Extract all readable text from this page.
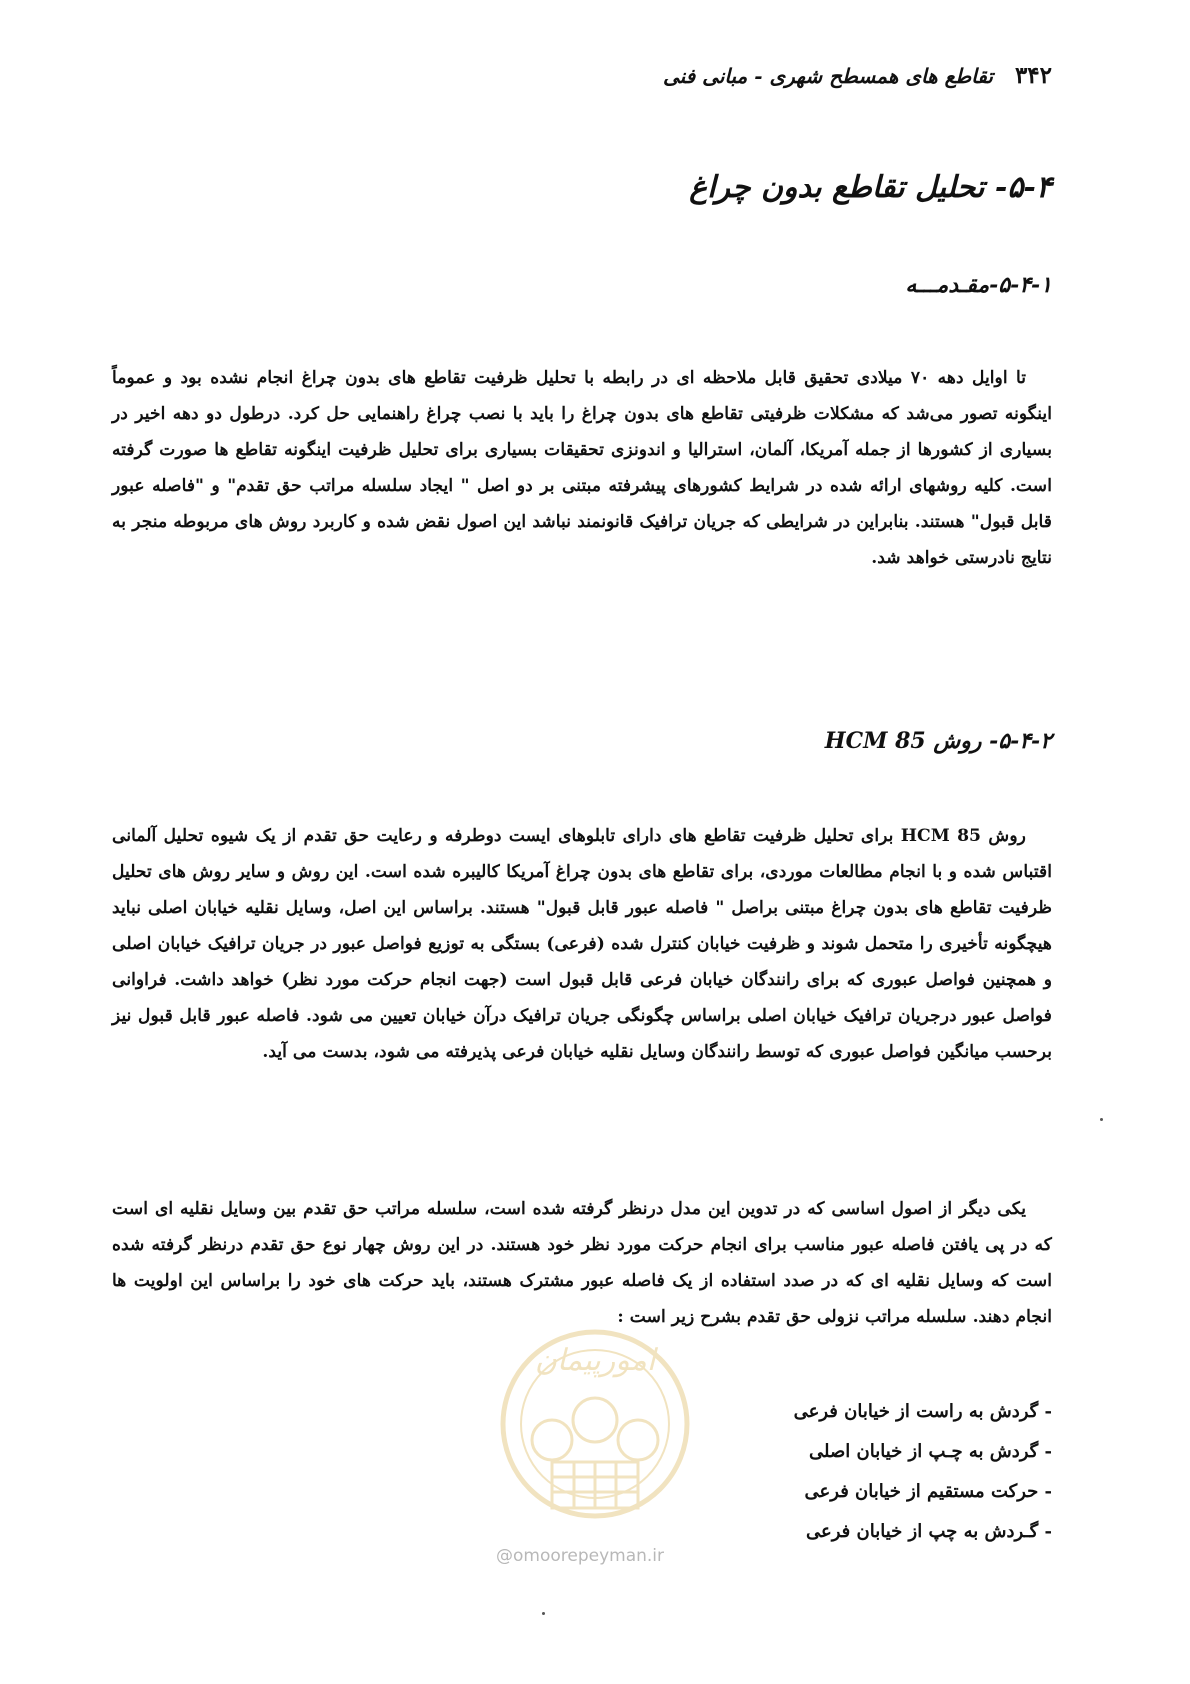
۳۴۲
تقاطع های همسطح شهری - مبانی فنی
۵-۴- تحلیل تقاطع بدون چراغ
۵-۴-۱-مقـدمـــه

تا اوایل دهه ۷۰ میلادی تحقیق قابل ملاحظه ای در رابطه با تحلیل ظرفیت تقاطع های بدون چراغ انجام نشده بود و عموماً اینگونه تصور می‌شد که مشکلات ظرفیتی تقاطع های بدون چراغ را باید با نصب چراغ راهنمایی حل کرد. درطول دو دهه اخیر در بسیاری از کشورها از جمله آمریکا، آلمان، استرالیا و اندونزی تحقیقات بسیاری برای تحلیل ظرفیت اینگونه تقاطع ها صورت گرفته است. کلیه روشهای ارائه شده در شرایط کشورهای پیشرفته مبتنی بر دو اصل " ایجاد سلسله مراتب حق تقدم" و "فاصله عبور قابل قبول" هستند. بنابراین در شرایطی که جریان ترافیک قانونمند نباشد این اصول نقض شده و کاربرد روش های مربوطه منجر به نتایج نادرستی خواهد شد.

۵-۴-۲- روش HCM 85

روش HCM 85 برای تحلیل ظرفیت تقاطع های دارای تابلوهای ایست دوطرفه و رعایت حق تقدم از یک شیوه تحلیل آلمانی اقتباس شده و با انجام مطالعات موردی، برای تقاطع های بدون چراغ آمریکا کالیبره شده است. این روش و سایر روش های تحلیل ظرفیت تقاطع های بدون چراغ مبتنی براصل " فاصله عبور قابل قبول" هستند. براساس این اصل، وسایل نقلیه خیابان اصلی نباید هیچگونه تأخیری را متحمل شوند و ظرفیت خیابان کنترل شده (فرعی) بستگی به توزیع فواصل عبور در جریان ترافیک خیابان اصلی و همچنین فواصل عبوری که برای رانندگان خیابان فرعی قابل قبول است (جهت انجام حرکت مورد نظر) خواهد داشت. فراوانی فواصل عبور درجریان ترافیک خیابان اصلی براساس چگونگی جریان ترافیک درآن خیابان تعیین می شود. فاصله عبور قابل قبول نیز برحسب میانگین فواصل عبوری که توسط رانندگان وسایل نقلیه خیابان فرعی پذیرفته می شود، بدست می آید.

یکی دیگر از اصول اساسی که در تدوین این مدل درنظر گرفته شده است، سلسله مراتب حق تقدم بین وسایل نقلیه ای است که در پی یافتن فاصله عبور مناسب برای انجام حرکت مورد نظر خود هستند. در این روش چهار نوع حق تقدم درنظر گرفته شده است که وسایل نقلیه ای که در صدد استفاده از یک فاصله عبور مشترک هستند، باید حرکت های خود را براساس این اولویت ها انجام دهند. سلسله مراتب نزولی حق تقدم بشرح زیر است :

- گردش به راست از خیابان فرعی
- گردش به چـپ از خیابان اصلی
- حرکت مستقیم از خیابان فرعی
- گـردش به چپ از خیابان فرعی
امورپیمان
@omoorepeyman.ir
